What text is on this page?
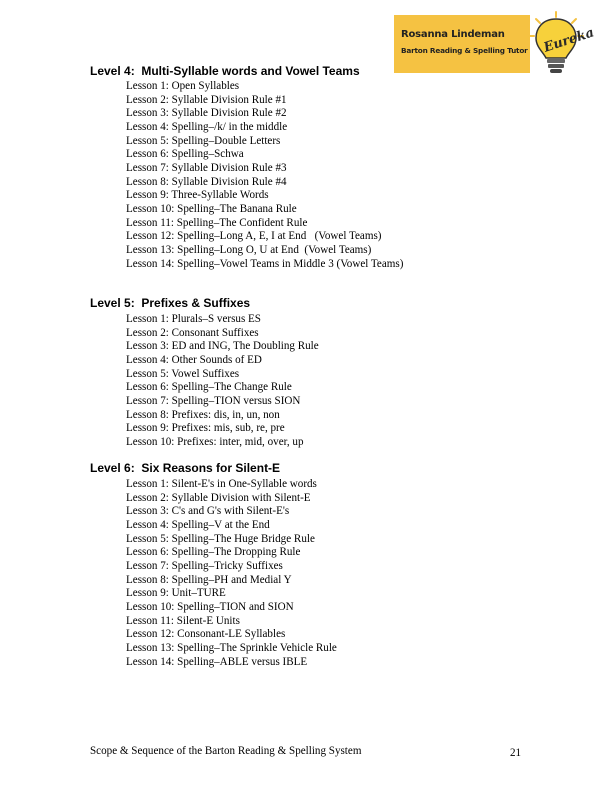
Rosanna Lindeman
Barton Reading & Spelling Tutor Eureka
Level 4:  Multi-Syllable words and Vowel Teams
Lesson 1: Open Syllables
Lesson 2: Syllable Division Rule #1
Lesson 3: Syllable Division Rule #2
Lesson 4: Spelling–/k/ in the middle
Lesson 5: Spelling–Double Letters
Lesson 6: Spelling–Schwa
Lesson 7: Syllable Division Rule #3
Lesson 8: Syllable Division Rule #4
Lesson 9: Three-Syllable Words
Lesson 10: Spelling–The Banana Rule
Lesson 11: Spelling–The Confident Rule
Lesson 12: Spelling–Long A, E, I at End   (Vowel Teams)
Lesson 13: Spelling–Long O, U at End  (Vowel Teams)
Lesson 14: Spelling–Vowel Teams in Middle 3 (Vowel Teams)
Level 5:  Prefixes & Suffixes
Lesson 1: Plurals–S versus ES
Lesson 2: Consonant Suffixes
Lesson 3: ED and ING, The Doubling Rule
Lesson 4: Other Sounds of ED
Lesson 5: Vowel Suffixes
Lesson 6: Spelling–The Change Rule
Lesson 7: Spelling–TION versus SION
Lesson 8: Prefixes: dis, in, un, non
Lesson 9: Prefixes: mis, sub, re, pre
Lesson 10: Prefixes: inter, mid, over, up
Level 6:  Six Reasons for Silent-E
Lesson 1: Silent-E's in One-Syllable words
Lesson 2: Syllable Division with Silent-E
Lesson 3: C's and G's with Silent-E's
Lesson 4: Spelling–V at the End
Lesson 5: Spelling–The Huge Bridge Rule
Lesson 6: Spelling–The Dropping Rule
Lesson 7: Spelling–Tricky Suffixes
Lesson 8: Spelling–PH and Medial Y
Lesson 9: Unit–TURE
Lesson 10: Spelling–TION and SION
Lesson 11: Silent-E Units
Lesson 12: Consonant-LE Syllables
Lesson 13: Spelling–The Sprinkle Vehicle Rule
Lesson 14: Spelling–ABLE versus IBLE
Scope & Sequence of the Barton Reading & Spelling System	21
